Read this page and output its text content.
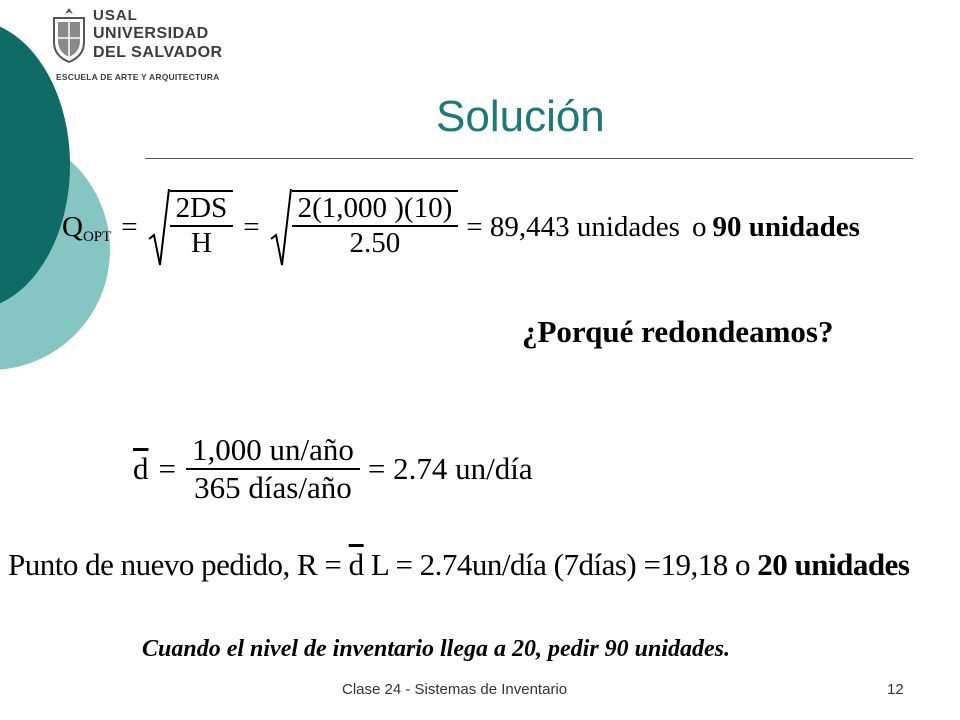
USAL
UNIVERSIDAD
DEL SALVADOR
ESCUELA DE ARTE Y ARQUITECTURA
Solución
Q OPT = $\frac{2DS}{H} = \frac{2(1,000 )(10)}{2.50} = 89,443$ unidades o 90 unidades
¿Porqué redondeamos?
$\overline{d} = \frac{\text{1,000 un/año}}{\text{365 días/año}} = 2.74$ un/día
Punto de nuevo pedido, $R = \overline{d}$ L = 2.74un/día (7días) =19,18 o 20 unidades
Cuando el nivel de inventario llega a 20, pedir 90 unidades.
Clase 24 - Sistemas de Inventario	12
